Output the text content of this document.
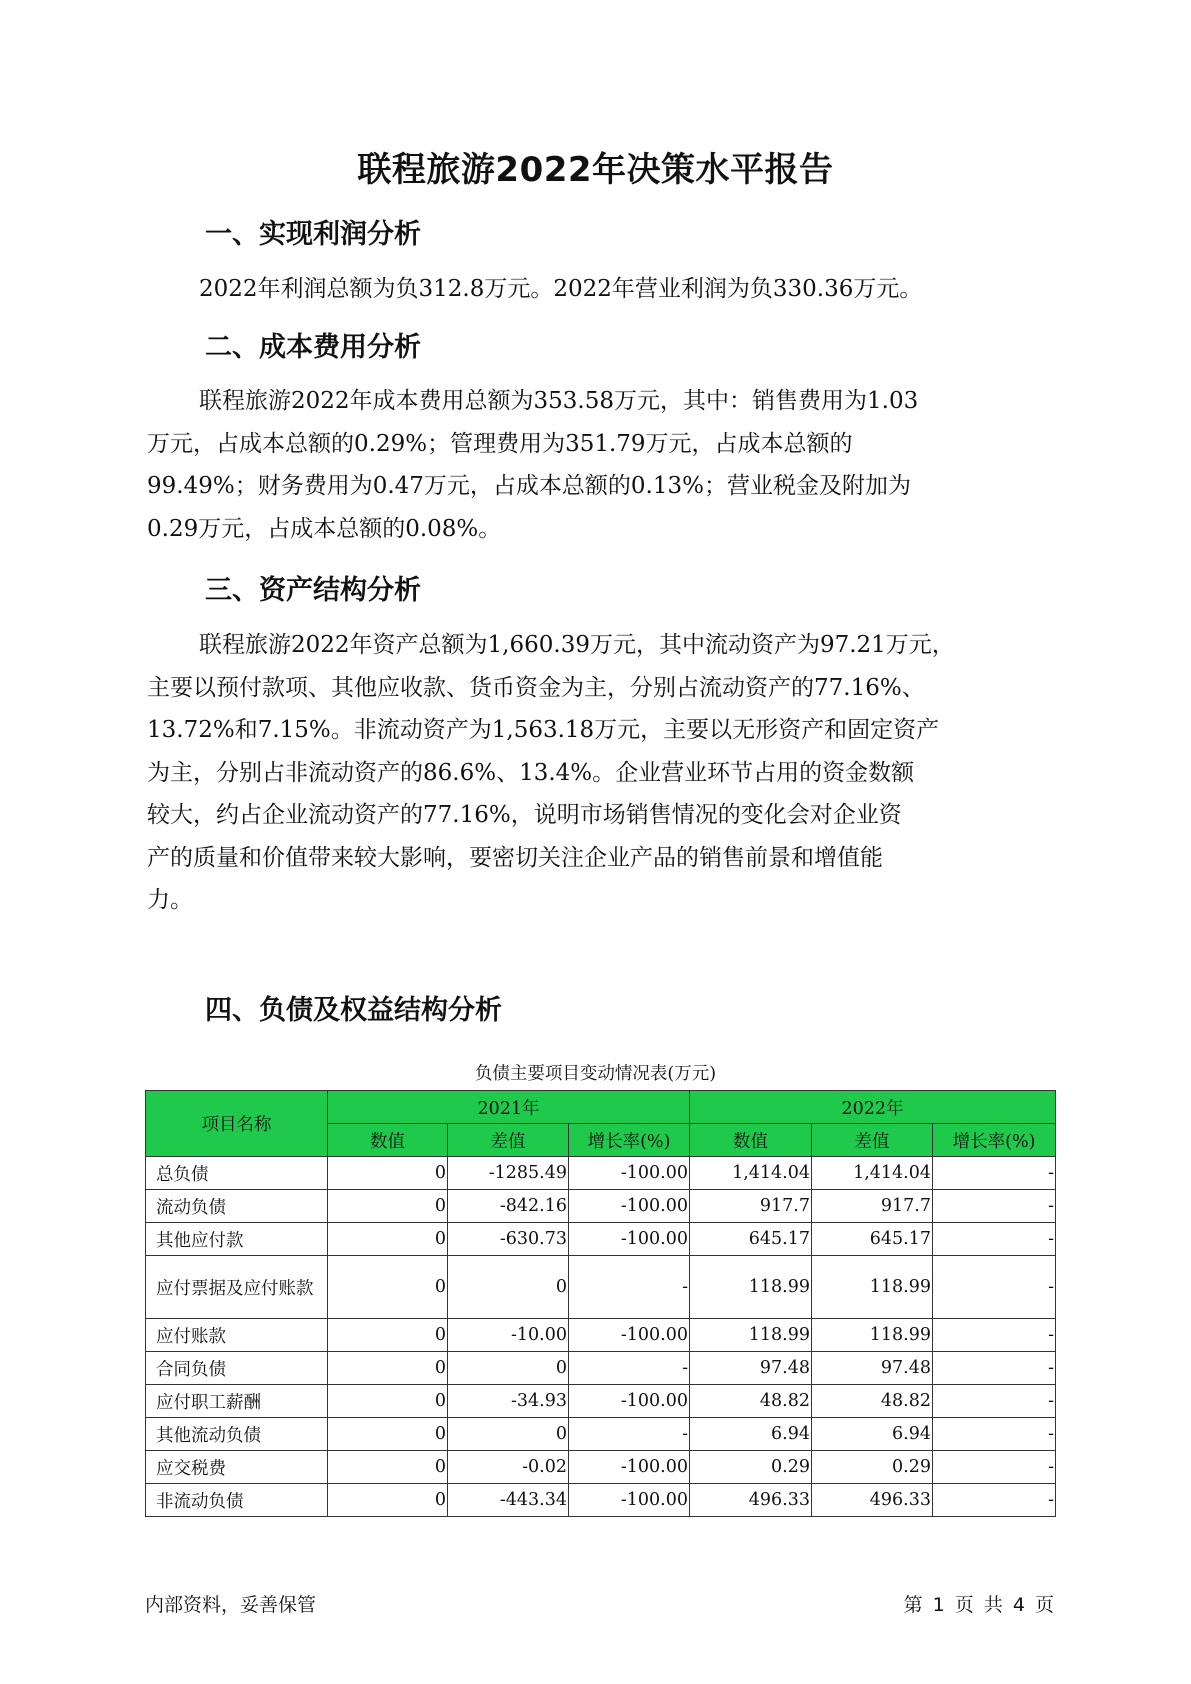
联程旅游2022年决策水平报告
一、实现利润分析
2022年利润总额为负312.8万元。2022年营业利润为负330.36万元。
二、成本费用分析
联程旅游2022年成本费用总额为353.58万元，其中：销售费用为1.03
万元，占成本总额的0.29%；管理费用为351.79万元，占成本总额的
99.49%；财务费用为0.47万元，占成本总额的0.13%；营业税金及附加为
0.29万元，占成本总额的0.08%。
三、资产结构分析
联程旅游2022年资产总额为1,660.39万元，其中流动资产为97.21万元，
主要以预付款项、其他应收款、货币资金为主，分别占流动资产的77.16%、
13.72%和7.15%。非流动资产为1,563.18万元，主要以无形资产和固定资产
为主，分别占非流动资产的86.6%、13.4%。企业营业环节占用的资金数额
较大，约占企业流动资产的77.16%，说明市场销售情况的变化会对企业资
产的质量和价值带来较大影响，要密切关注企业产品的销售前景和增值能
力。
四、负债及权益结构分析
负债主要项目变动情况表(万元)
项目名称	2021年			2022年		
	数值	差值	增长率(%)	数值	差值	增长率(%)
总负债	0	-1285.49	-100.00	1,414.04	1,414.04	-
流动负债	0	-842.16	-100.00	917.7	917.7	-
其他应付款	0	-630.73	-100.00	645.17	645.17	-
应付票据及应付账款	0	0	-	118.99	118.99	-
应付账款	0	-10.00	-100.00	118.99	118.99	-
合同负债	0	0	-	97.48	97.48	-
应付职工薪酬	0	-34.93	-100.00	48.82	48.82	-
其他流动负债	0	0	-	6.94	6.94	-
应交税费	0	-0.02	-100.00	0.29	0.29	-
非流动负债	0	-443.34	-100.00	496.33	496.33	-
内部资料，妥善保管	第 1 页 共 4 页
